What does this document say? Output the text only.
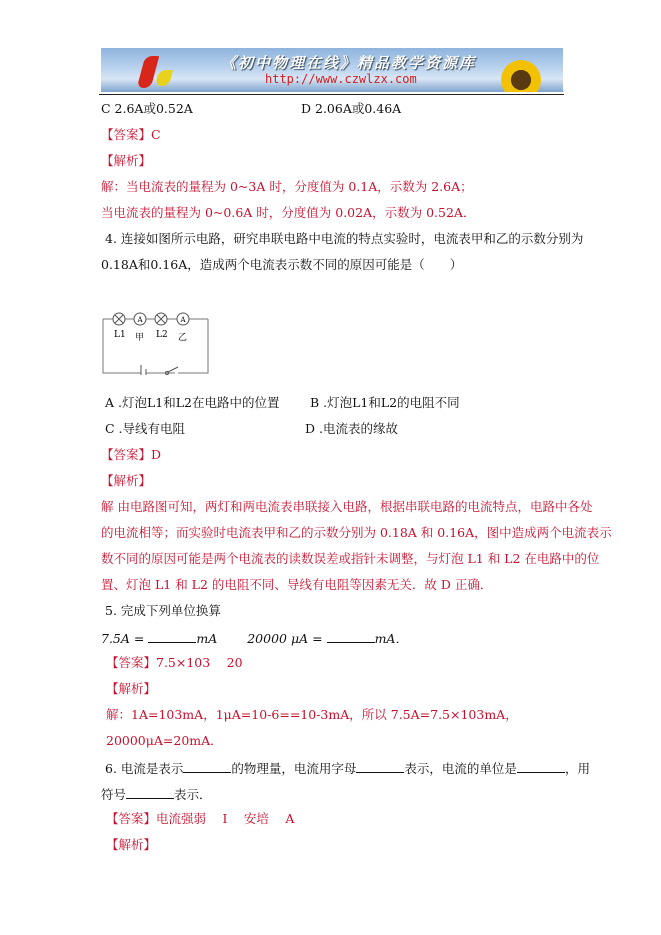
《初中物理在线》精品教学资源库
http://www.czwlzx.com
C 2.6A或0.52A	D 2.06A或0.46A
【答案】C
【解析】
解：当电流表的量程为 0~3A 时，分度值为 0.1A，示数为 2.6A；
当电流表的量程为 0~0.6A 时，分度值为 0.02A，示数为 0.52A．
4. 连接如图所示电路，研究串联电路中电流的特点实验时，电流表甲和乙的示数分别为
0.18A和0.16A，造成两个电流表示数不同的原因可能是（　　）
A	A
L1 甲 L2 乙
A .灯泡L1和L2在电路中的位置 B .灯泡L1和L2的电阻不同
C .导线有电阻	D .电流表的缘故
【答案】D
【解析】
解 由电路图可知，两灯和两电流表串联接入电路，根据串联电路的电流特点，电路中各处
的电流相等；而实验时电流表甲和乙的示数分别为 0.18A 和 0.16A，图中造成两个电流表示
数不同的原因可能是两个电流表的读数误差或指针未调整，与灯泡 L1 和 L2 在电路中的位
置、灯泡 L1 和 L2 的电阻不同、导线有电阻等因素无关．故 D 正确．
5. 完成下列单位换算
7.5A =	mA 20000 μA =	mA．
【答案】7.5×103　 20
【解析】
解：1A=103mA，1μA=10-6==10-3mA，所以 7.5A=7.5×103mA，
20000μA=20mA．
6. 电流是表示	的物理量，电流用字母	表示，电流的单位是	，用
符号	表示．
【答案】电流强弱　 I　 安培　 A
【解析】
